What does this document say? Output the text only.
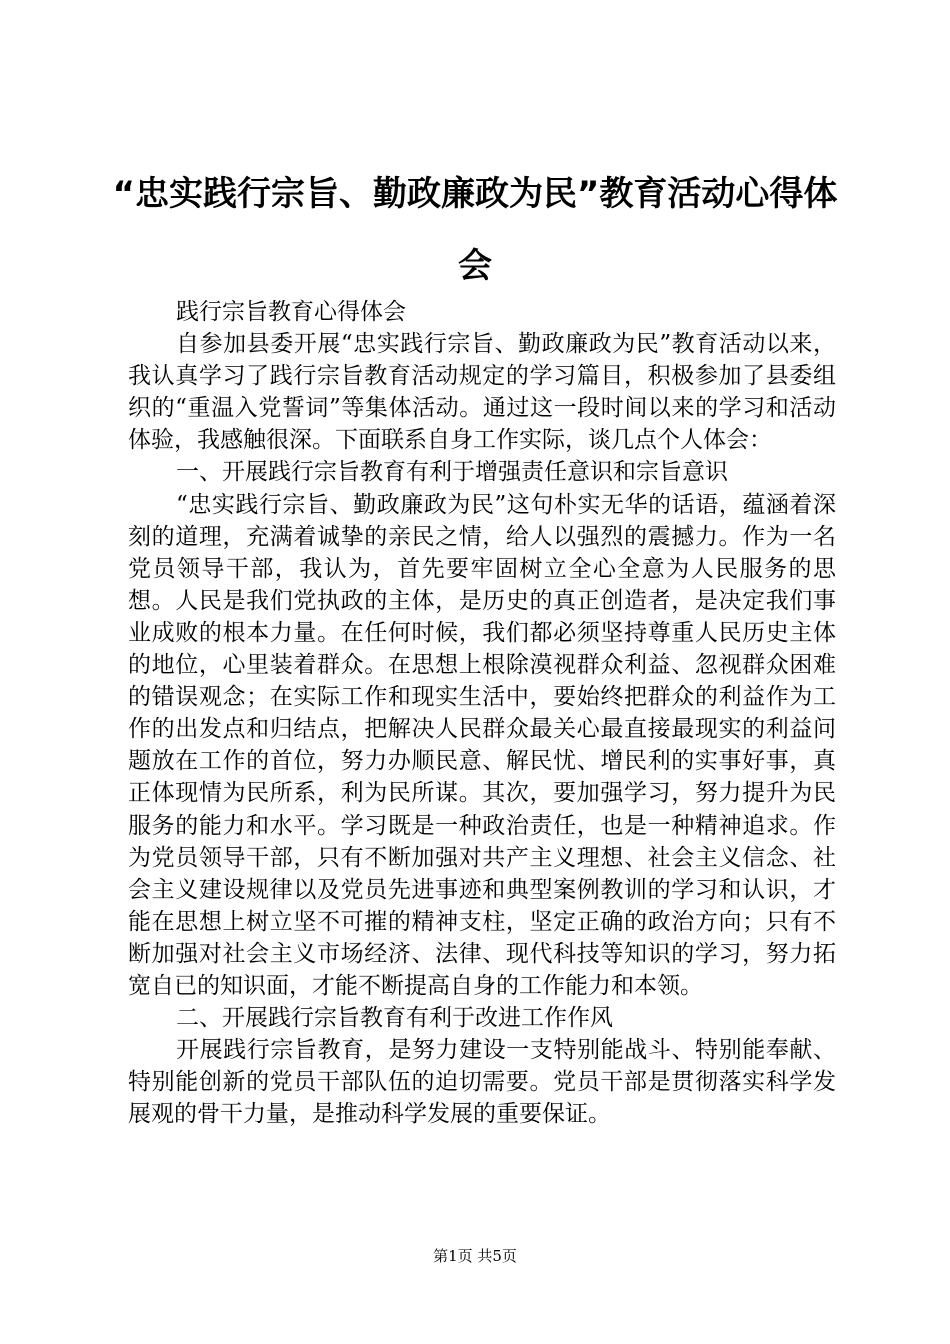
“忠实践行宗旨、勤政廉政为民”教育活动心得体会

践行宗旨教育心得体会

自参加县委开展“忠实践行宗旨、勤政廉政为民”教育活动以来，我认真学习了践行宗旨教育活动规定的学习篇目，积极参加了县委组织的“重温入党誓词”等集体活动。通过这一段时间以来的学习和活动体验，我感触很深。下面联系自身工作实际，谈几点个人体会：

一、开展践行宗旨教育有利于增强责任意识和宗旨意识

“忠实践行宗旨、勤政廉政为民”这句朴实无华的话语，蕴涵着深刻的道理，充满着诚挚的亲民之情，给人以强烈的震撼力。作为一名党员领导干部，我认为，首先要牢固树立全心全意为人民服务的思想。人民是我们党执政的主体，是历史的真正创造者，是决定我们事业成败的根本力量。在任何时候，我们都必须坚持尊重人民历史主体的地位，心里装着群众。在思想上根除漠视群众利益、忽视群众困难的错误观念；在实际工作和现实生活中，要始终把群众的利益作为工作的出发点和归结点，把解决人民群众最关心最直接最现实的利益问题放在工作的首位，努力办顺民意、解民忧、增民利的实事好事，真正体现情为民所系，利为民所谋。其次，要加强学习，努力提升为民服务的能力和水平。学习既是一种政治责任，也是一种精神追求。作为党员领导干部，只有不断加强对共产主义理想、社会主义信念、社会主义建设规律以及党员先进事迹和典型案例教训的学习和认识，才能在思想上树立坚不可摧的精神支柱，坚定正确的政治方向；只有不断加强对社会主义市场经济、法律、现代科技等知识的学习，努力拓宽自已的知识面，才能不断提高自身的工作能力和本领。

二、开展践行宗旨教育有利于改进工作作风

开展践行宗旨教育，是努力建设一支特别能战斗、特别能奉献、特别能创新的党员干部队伍的迫切需要。党员干部是贯彻落实科学发展观的骨干力量，是推动科学发展的重要保证。

第1页 共5页
